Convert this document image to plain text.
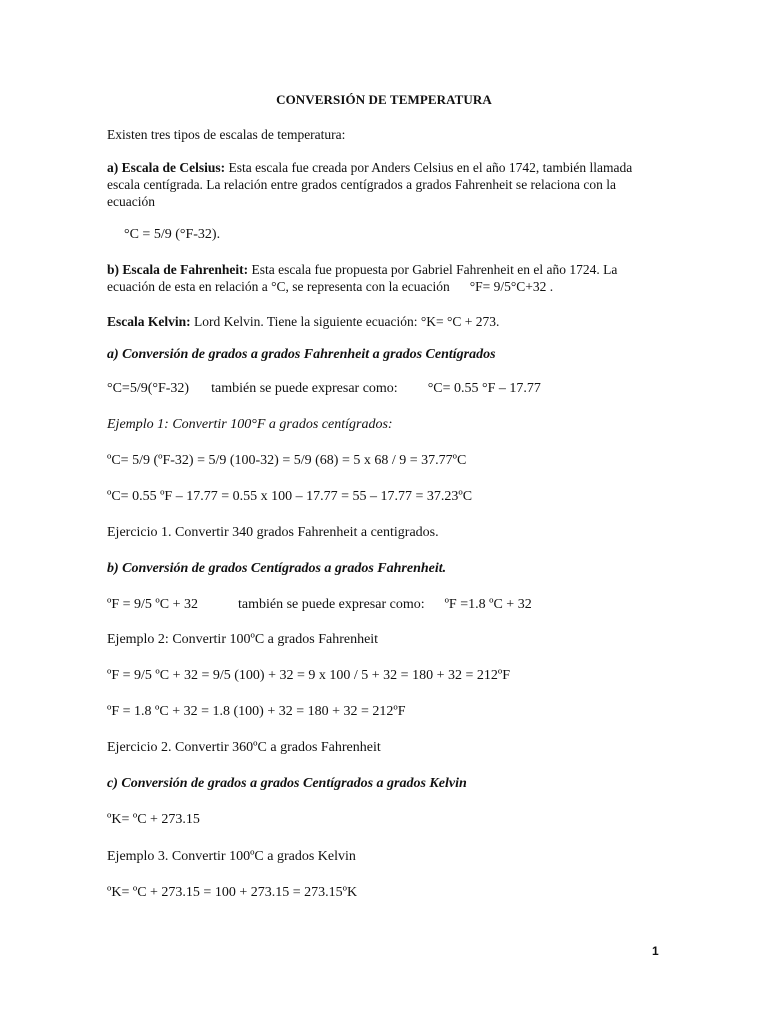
CONVERSIÓN DE TEMPERATURA
Existen tres tipos de escalas de temperatura:
a) Escala de Celsius: Esta escala fue creada por Anders Celsius en el año 1742, también llamada escala centígrada. La relación entre grados centígrados a grados Fahrenheit se relaciona con la ecuación
°C = 5/9 (°F-32).
b) Escala de Fahrenheit: Esta escala fue propuesta por Gabriel Fahrenheit en el año 1724. La ecuación de esta en relación a °C, se representa con la ecuación °F= 9/5°C+32 .
Escala Kelvin: Lord Kelvin. Tiene la siguiente ecuación: °K= °C + 273.
a) Conversión de grados a grados Fahrenheit a grados Centígrados
°C=5/9(°F-32) también se puede expresar como: °C= 0.55 °F – 17.77
Ejemplo 1: Convertir 100°F a grados centígrados:
ºC= 5/9 (ºF-32) = 5/9 (100-32) = 5/9 (68) = 5 x 68 / 9 = 37.77ºC
ºC= 0.55 ºF – 17.77 = 0.55 x 100 – 17.77 = 55 – 17.77 = 37.23ºC
Ejercicio 1. Convertir 340 grados Fahrenheit a centigrados.
b) Conversión de grados Centígrados a grados Fahrenheit.
ºF = 9/5 ºC + 32	también se puede expresar como: ºF =1.8 ºC + 32
Ejemplo 2: Convertir 100ºC a grados Fahrenheit
ºF = 9/5 ºC + 32 = 9/5 (100) + 32 = 9 x 100 / 5 + 32 = 180 + 32 = 212ºF
ºF = 1.8 ºC + 32 = 1.8 (100) + 32 = 180 + 32 = 212ºF
Ejercicio 2. Convertir 360ºC a grados Fahrenheit
c) Conversión de grados a grados Centígrados a grados Kelvin
ºK= ºC + 273.15
Ejemplo 3. Convertir 100ºC a grados Kelvin
ºK= ºC + 273.15 = 100 + 273.15 = 273.15ºK
1
